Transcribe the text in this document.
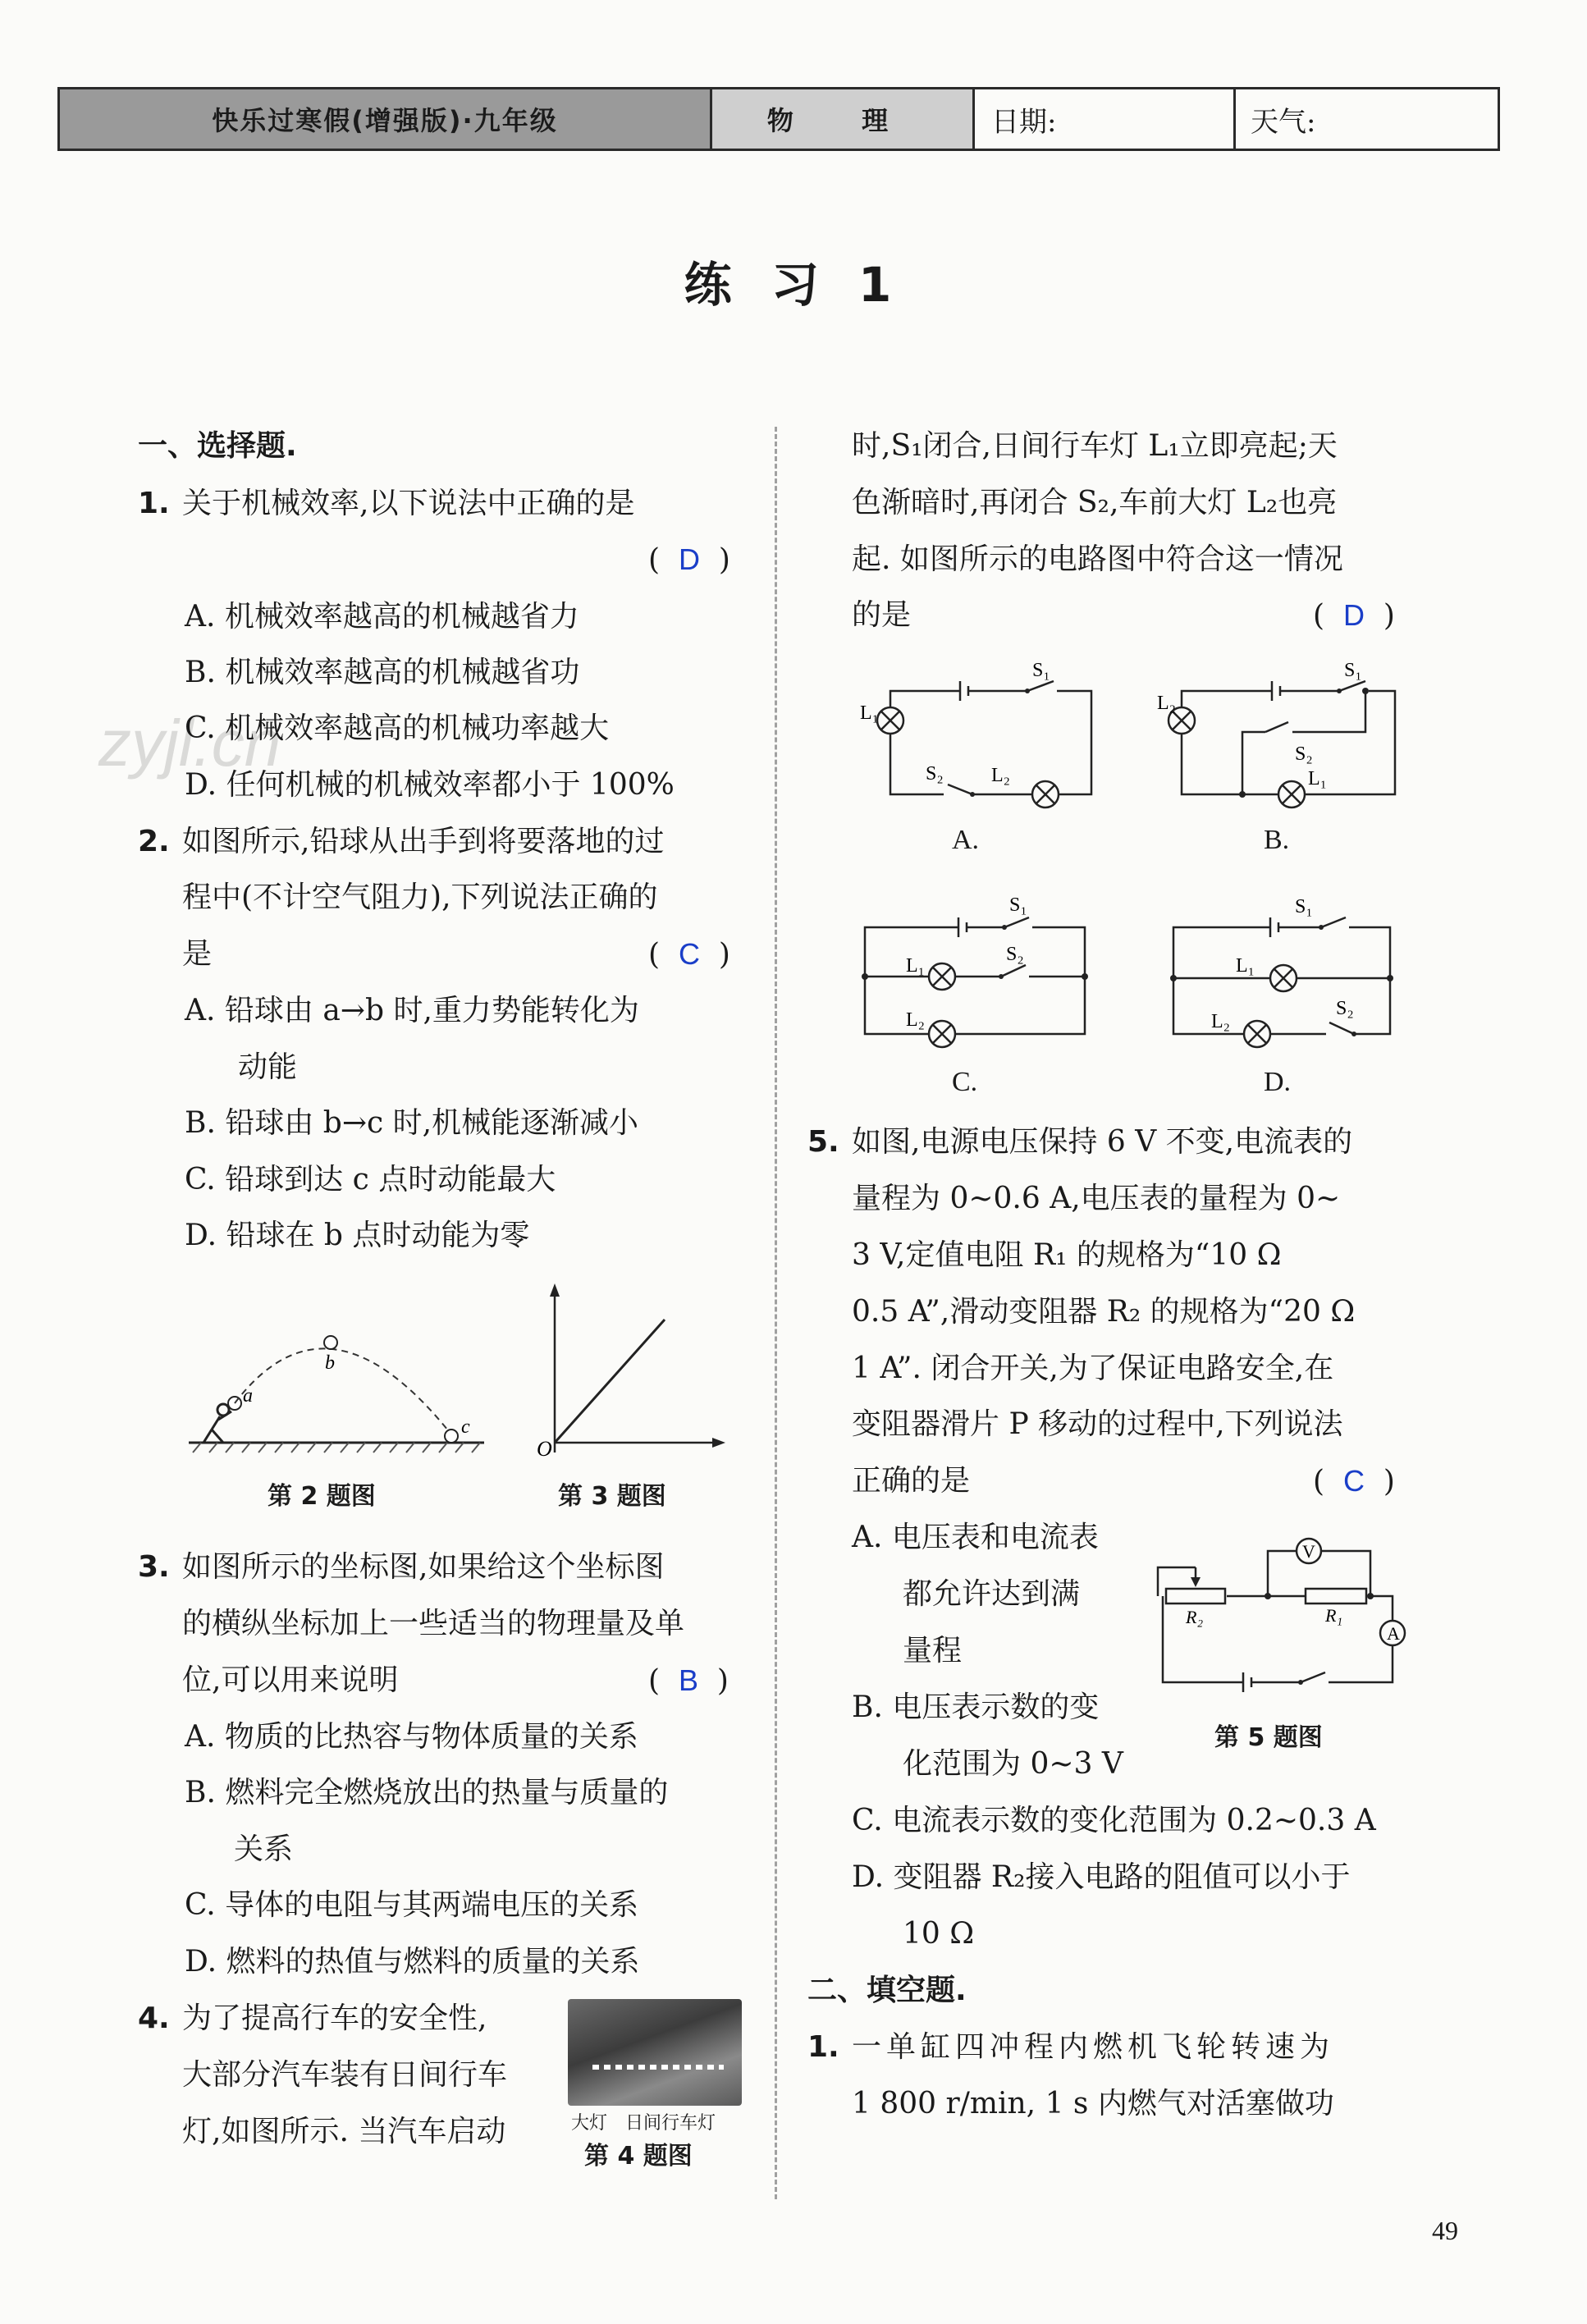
快乐过寒假(增强版)·九年级	物 理	日期:	天气:
练 习 1
zyjl.cn
一、选择题.
1. 关于机械效率,以下说法中正确的是
(  D  )
A. 机械效率越高的机械越省力
B. 机械效率越高的机械越省功
C. 机械效率越高的机械功率越大
D. 任何机械的机械效率都小于 100%
2. 如图所示,铅球从出手到将要落地的过
程中(不计空气阻力),下列说法正确的
是	(  C  )
A. 铅球由 a→b 时,重力势能转化为
动能
B. 铅球由 b→c 时,机械能逐渐减小
C. 铅球到达 c 点时动能最大
D. 铅球在 b 点时动能为零
a
b
c
O
第 2 题图	第 3 题图
3. 如图所示的坐标图,如果给这个坐标图
的横纵坐标加上一些适当的物理量及单
位,可以用来说明	(  B  )
A. 物质的比热容与物体质量的关系
B. 燃料完全燃烧放出的热量与质量的
关系
C. 导体的电阻与其两端电压的关系
D. 燃料的热值与燃料的质量的关系
4. 为了提高行车的安全性,
大部分汽车装有日间行车
灯,如图所示. 当汽车启动	大灯 日间行车灯
第 4 题图
时,S₁闭合,日间行车灯 L₁立即亮起;天
色渐暗时,再闭合 S₂,车前大灯 L₂也亮
起. 如图所示的电路图中符合这一情况
的是	(  D  )
S₁
L₁
S₂ L₂
A.
S₁
L₂
S₂
L₁
B.
S₁
L₁
S₂
L₂
C.
S₁
L₁
S₂
L₂
D.
5. 如图,电源电压保持 6 V 不变,电流表的
量程为 0~0.6 A,电压表的量程为 0~
3 V,定值电阻 R₁ 的规格为“10 Ω
0.5 A”,滑动变阻器 R₂ 的规格为“20 Ω
1 A”. 闭合开关,为了保证电路安全,在
变阻器滑片 P 移动的过程中,下列说法
正确的是	(  C  )
A. 电压表和电流表
都允许达到满
量程
B. 电压表示数的变
化范围为 0~3 V
C. 电流表示数的变化范围为 0.2~0.3 A
D. 变阻器 R₂接入电路的阻值可以小于
10 Ω
V
A
R₁
R₂
第 5 题图
二、填空题.
1. 一单缸四冲程内燃机飞轮转速为
1 800 r/min, 1 s 内燃气对活塞做功
49
